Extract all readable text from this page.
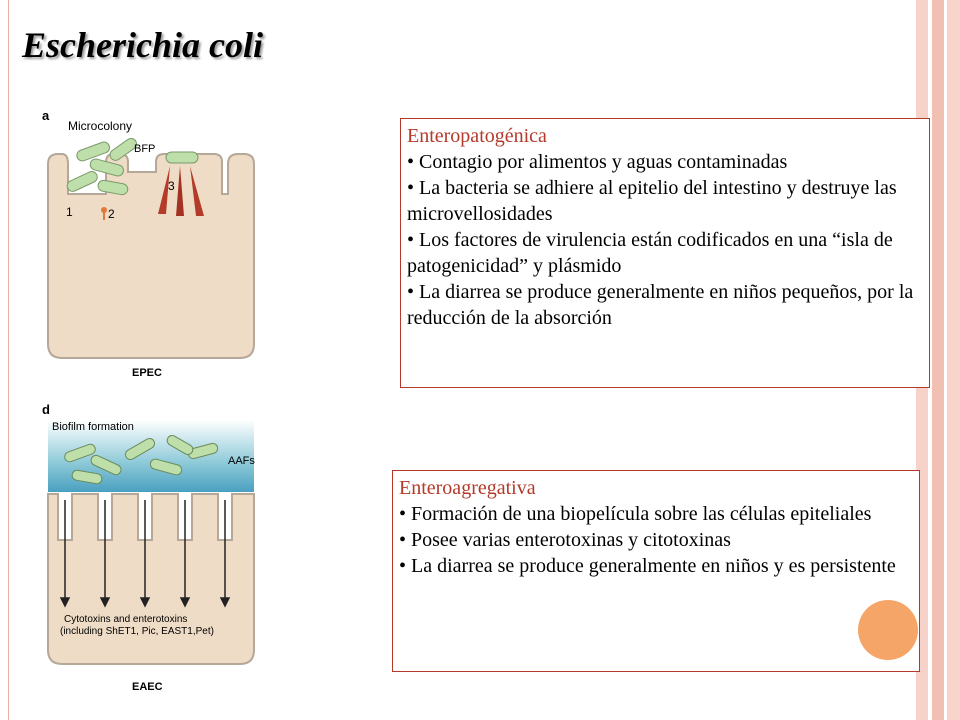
Escherichia coli
a
Microcolony
BFP
3
1	2
EPEC
d
Biofilm formation
AAFs
Cytotoxins and enterotoxins
(including ShET1, Pic, EAST1,Pet)
EAEC
Enteropatogénica
• Contagio por alimentos y aguas contaminadas
• La bacteria se adhiere al epitelio del intestino y destruye las microvellosidades
• Los factores de virulencia están codificados en una “isla de patogenicidad” y plásmido
• La diarrea se produce generalmente en niños pequeños, por la reducción de la absorción
Enteroagregativa
• Formación de una biopelícula sobre las células epiteliales
• Posee varias enterotoxinas y citotoxinas
• La diarrea se produce generalmente en niños y es persistente
